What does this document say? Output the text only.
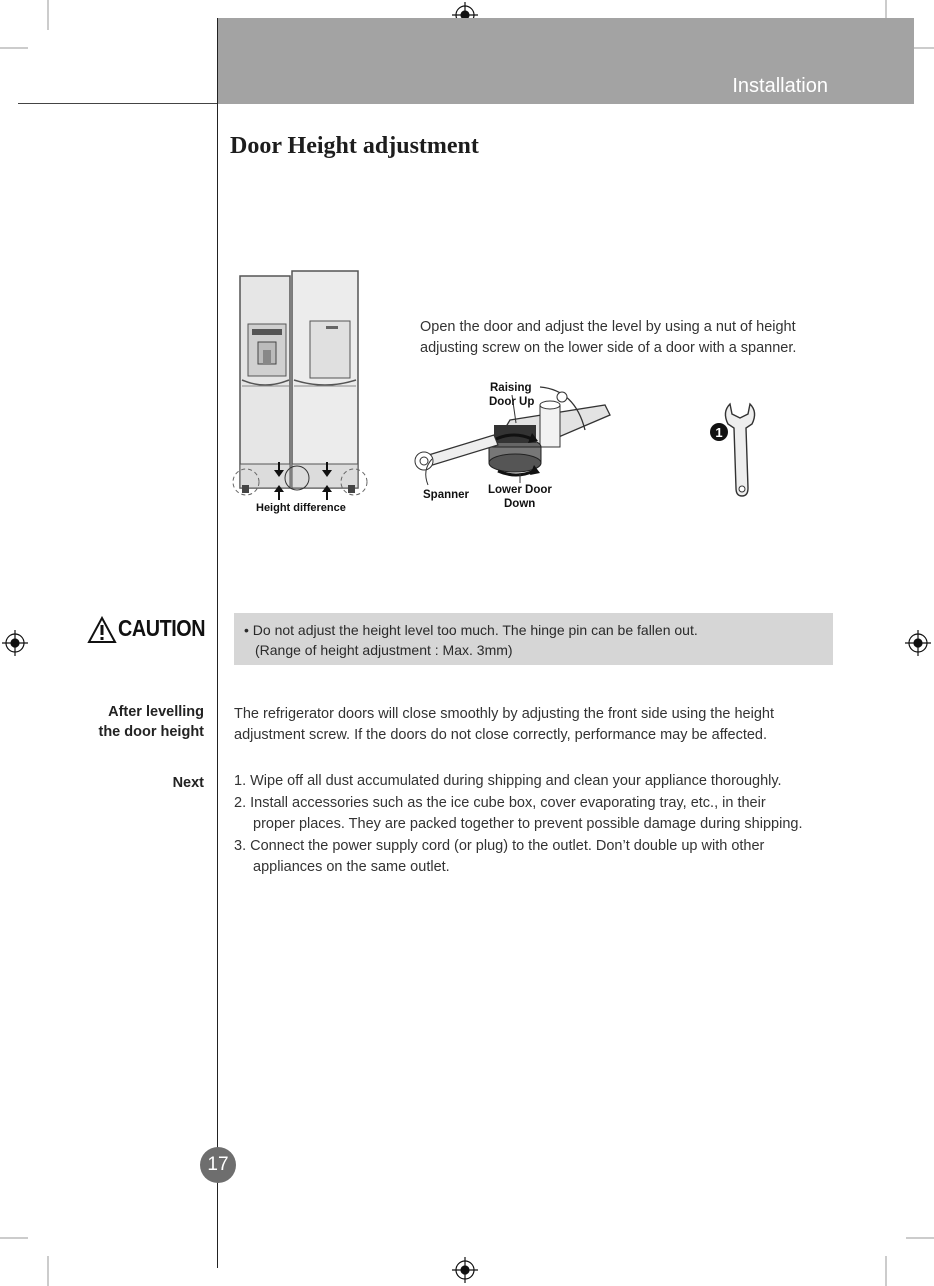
Installation
Door Height adjustment
Height difference
Open the door and adjust the level by using a nut of height
adjusting screw on the lower side of a door with a spanner.
Raising
Door Up
Spanner Lower Door
Down
1
CAUTION	• Do not adjust the height level too much. The hinge pin can be fallen out.
(Range of height adjustment : Max. 3mm)
After levelling
the door height
The refrigerator doors will close smoothly by adjusting the front side using the height
adjustment screw. If the doors do not close correctly, performance may be affected.
Next 1. Wipe off all dust accumulated during shipping and clean your appliance thoroughly.
2. Install accessories such as the ice cube box, cover evaporating tray, etc., in their
proper places. They are packed together to prevent possible damage during shipping.
3. Connect the power supply cord (or plug) to the outlet. Don’t double up with other
appliances on the same outlet.
17
